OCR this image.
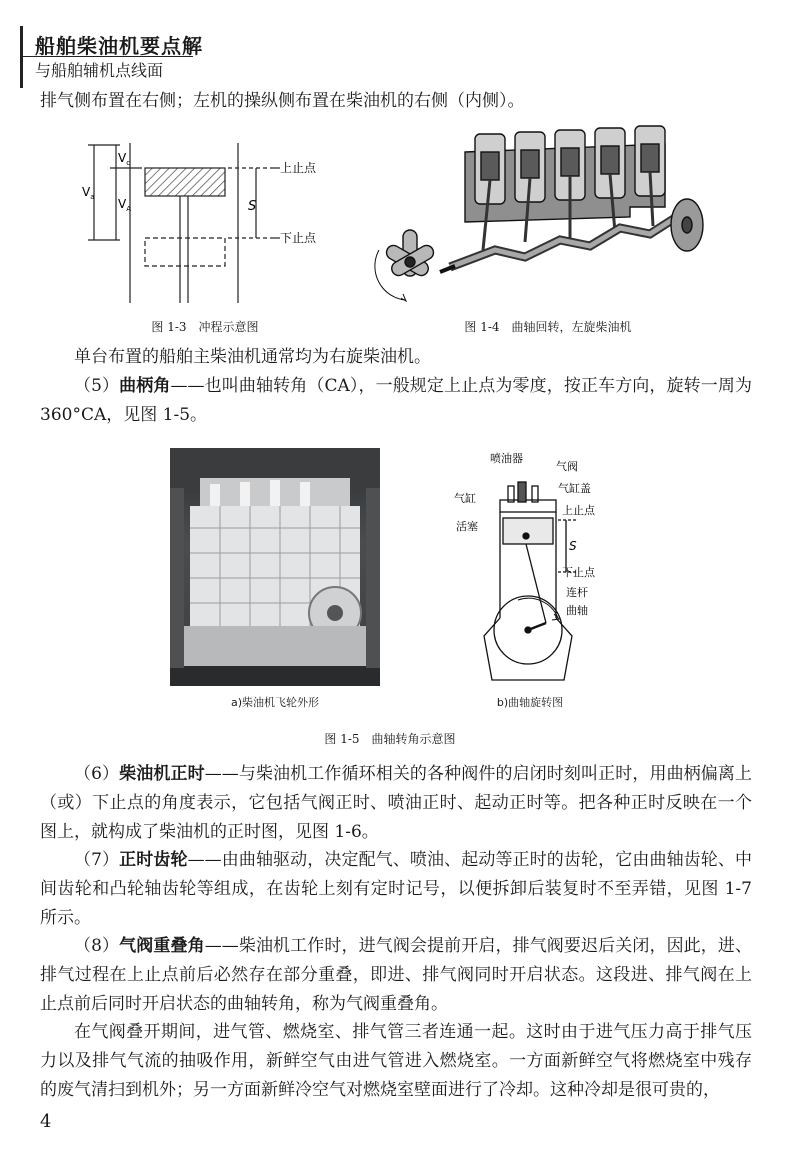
船舶柴油机要点解
与船舶辅机点线面

排气侧布置在右侧；左机的操纵侧布置在柴油机的右侧（内侧）。

$V_c$
$V_a$ $V_A$	S
上止点
下止点
图 1-3　冲程示意图	图 1-4　曲轴回转，左旋柴油机

单台布置的船舶主柴油机通常均为右旋柴油机。

（5）曲柄角——也叫曲轴转角（CA），一般规定上止点为零度，按正车方向，旋转一周为360°CA，见图 1-5。

a)柴油机飞轮外形
喷油器
气阀
气缸盖
气缸
活塞
上止点
S
下止点
连杆
曲轴
b)曲轴旋转图
图 1-5　曲轴转角示意图

（6）柴油机正时——与柴油机工作循环相关的各种阀件的启闭时刻叫正时，用曲柄偏离上（或）下止点的角度表示，它包括气阀正时、喷油正时、起动正时等。把各种正时反映在一个图上，就构成了柴油机的正时图，见图 1-6。

（7）正时齿轮——由曲轴驱动，决定配气、喷油、起动等正时的齿轮，它由曲轴齿轮、中间齿轮和凸轮轴齿轮等组成，在齿轮上刻有定时记号，以便拆卸后装复时不至弄错，见图 1-7 所示。

（8）气阀重叠角——柴油机工作时，进气阀会提前开启，排气阀要迟后关闭，因此，进、排气过程在上止点前后必然存在部分重叠，即进、排气阀同时开启状态。这段进、排气阀在上止点前后同时开启状态的曲轴转角，称为气阀重叠角。

在气阀叠开期间，进气管、燃烧室、排气管三者连通一起。这时由于进气压力高于排气压力以及排气气流的抽吸作用，新鲜空气由进气管进入燃烧室。一方面新鲜空气将燃烧室中残存的废气清扫到机外；另一方面新鲜冷空气对燃烧室壁面进行了冷却。这种冷却是很可贵的，

4
